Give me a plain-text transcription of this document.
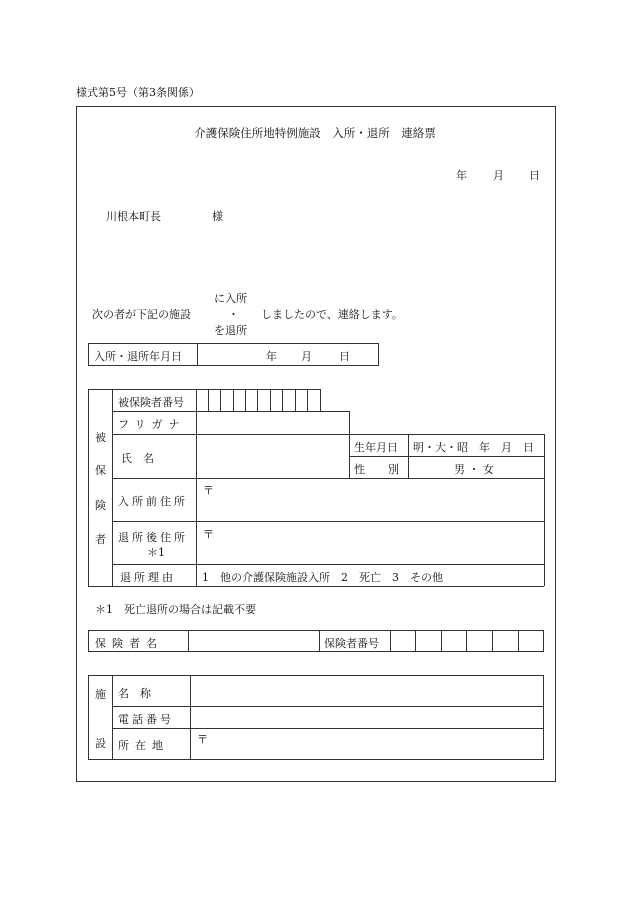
様式第5号（第3条関係）
介護保険住所地特例施設　入所・退所　連絡票
年 月 日
川根本町長	様
に入所
次の者が下記の施設	・ しましたので、連絡します。
を退所
入所・退所年月日	年 月 日
被
保
険
者
被保険者番号
フリガナ
氏　名
生年月日 明・大・昭　年　月　日
性　別	男 ・ 女
入所前住所
〒
退所後住所
＊1
〒
退所理由 1　他の介護保険施設入所　2　死亡　3　その他
＊1　死亡退所の場合は記載不要
保険者名	保険者番号
施
設
名　称
電話番号
所在地	〒
